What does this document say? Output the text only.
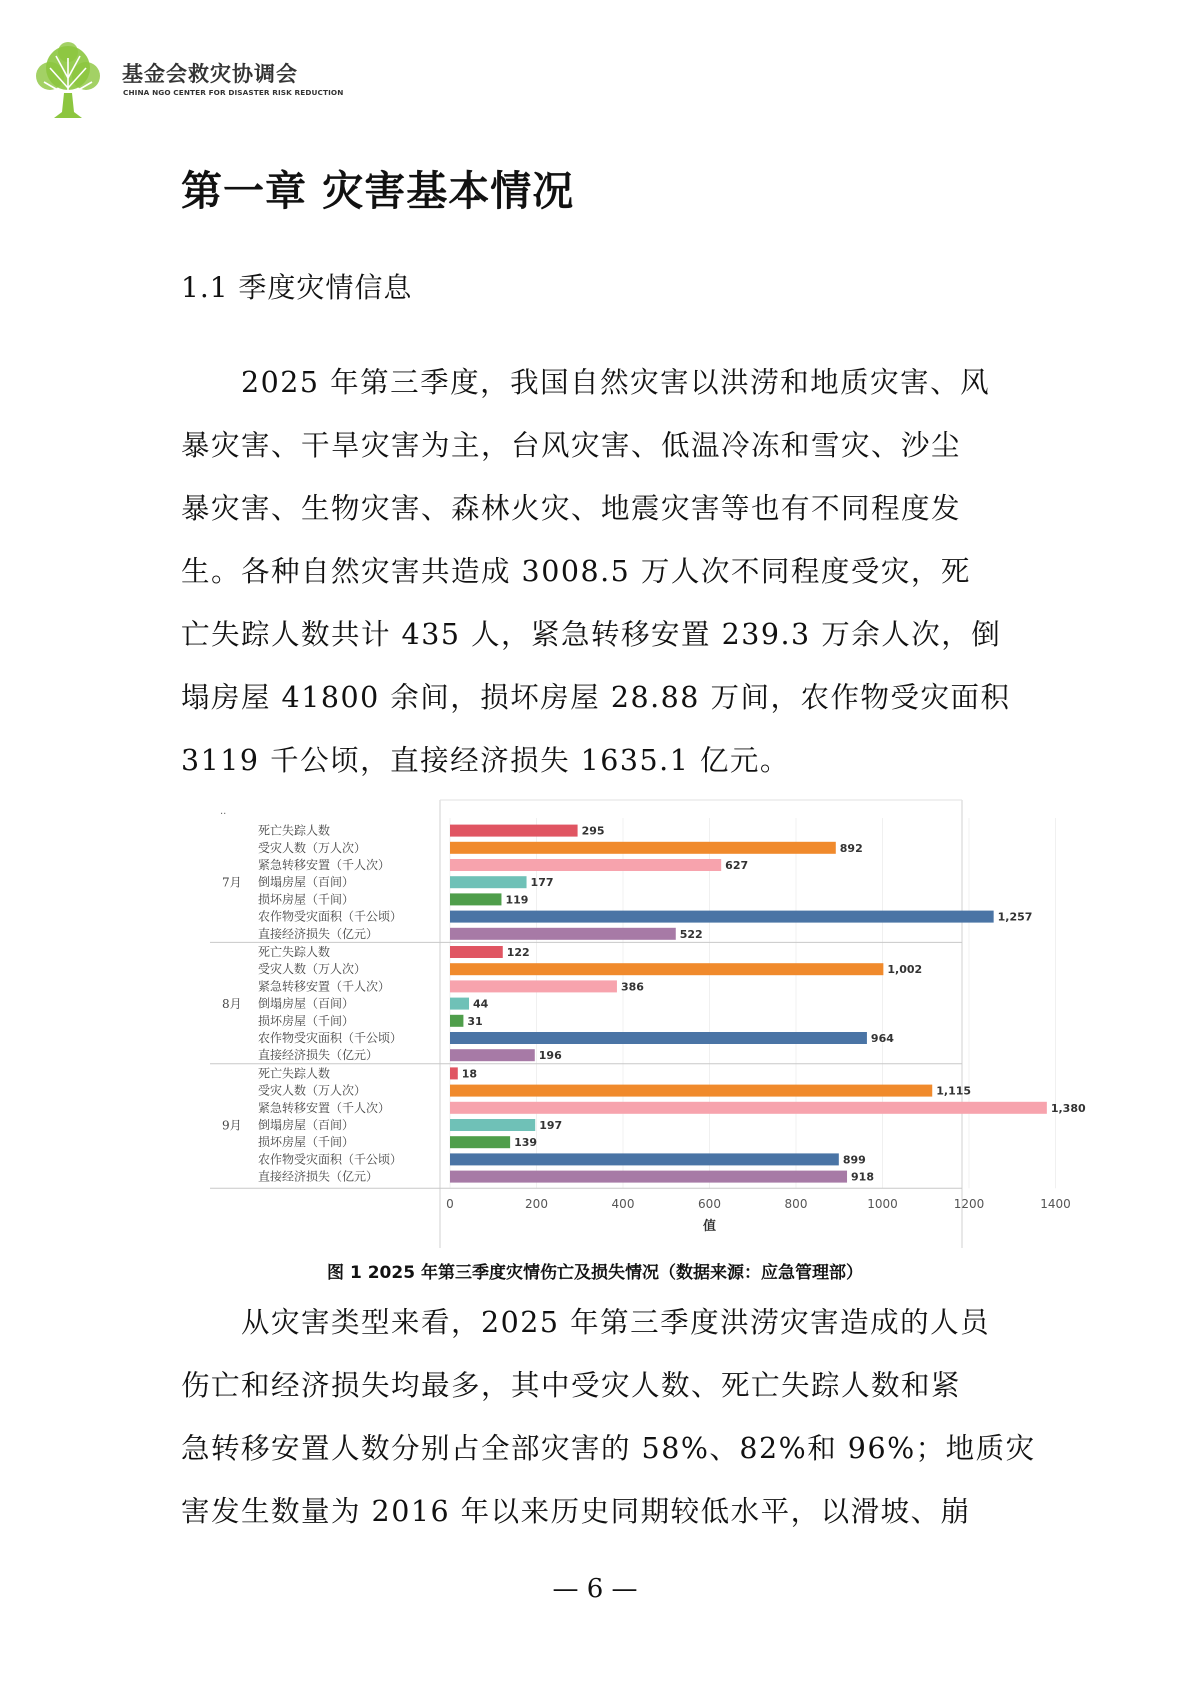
基金会救灾协调会
CHINA NGO CENTER FOR DISASTER RISK REDUCTION
第一章 灾害基本情况
1.1 季度灾情信息
　　2025 年第三季度，我国自然灾害以洪涝和地质灾害、风
暴灾害、干旱灾害为主，台风灾害、低温冷冻和雪灾、沙尘
暴灾害、生物灾害、森林火灾、地震灾害等也有不同程度发
生。各种自然灾害共造成 3008.5 万人次不同程度受灾，死
亡失踪人数共计 435 人，紧急转移安置 239.3 万余人次，倒
塌房屋 41800 余间，损坏房屋 28.88 万间，农作物受灾面积
3119 千公顷，直接经济损失 1635.1 亿元。
..
0	200	400	600	800	1000	1200	1400
值
7月
死亡失踪人数	295
受灾人数（万人次）	892
紧急转移安置（千人次）	627
倒塌房屋（百间）	177
损坏房屋（千间）	119
农作物受灾面积（千公顷）	1,257
直接经济损失（亿元）	522
8月
死亡失踪人数	122
受灾人数（万人次）	1,002
紧急转移安置（千人次）	386
倒塌房屋（百间）	44
损坏房屋（千间）	31
农作物受灾面积（千公顷）	964
直接经济损失（亿元）	196
9月
死亡失踪人数	18
受灾人数（万人次）	1,115
紧急转移安置（千人次）	1,380
倒塌房屋（百间）	197
损坏房屋（千间）	139
农作物受灾面积（千公顷）	899
直接经济损失（亿元）	918
图 1 2025 年第三季度灾情伤亡及损失情况（数据来源：应急管理部）
　　从灾害类型来看，2025 年第三季度洪涝灾害造成的人员
伤亡和经济损失均最多，其中受灾人数、死亡失踪人数和紧
急转移安置人数分别占全部灾害的 58%、82%和 96%；地质灾
害发生数量为 2016 年以来历史同期较低水平，以滑坡、崩
— 6 —
